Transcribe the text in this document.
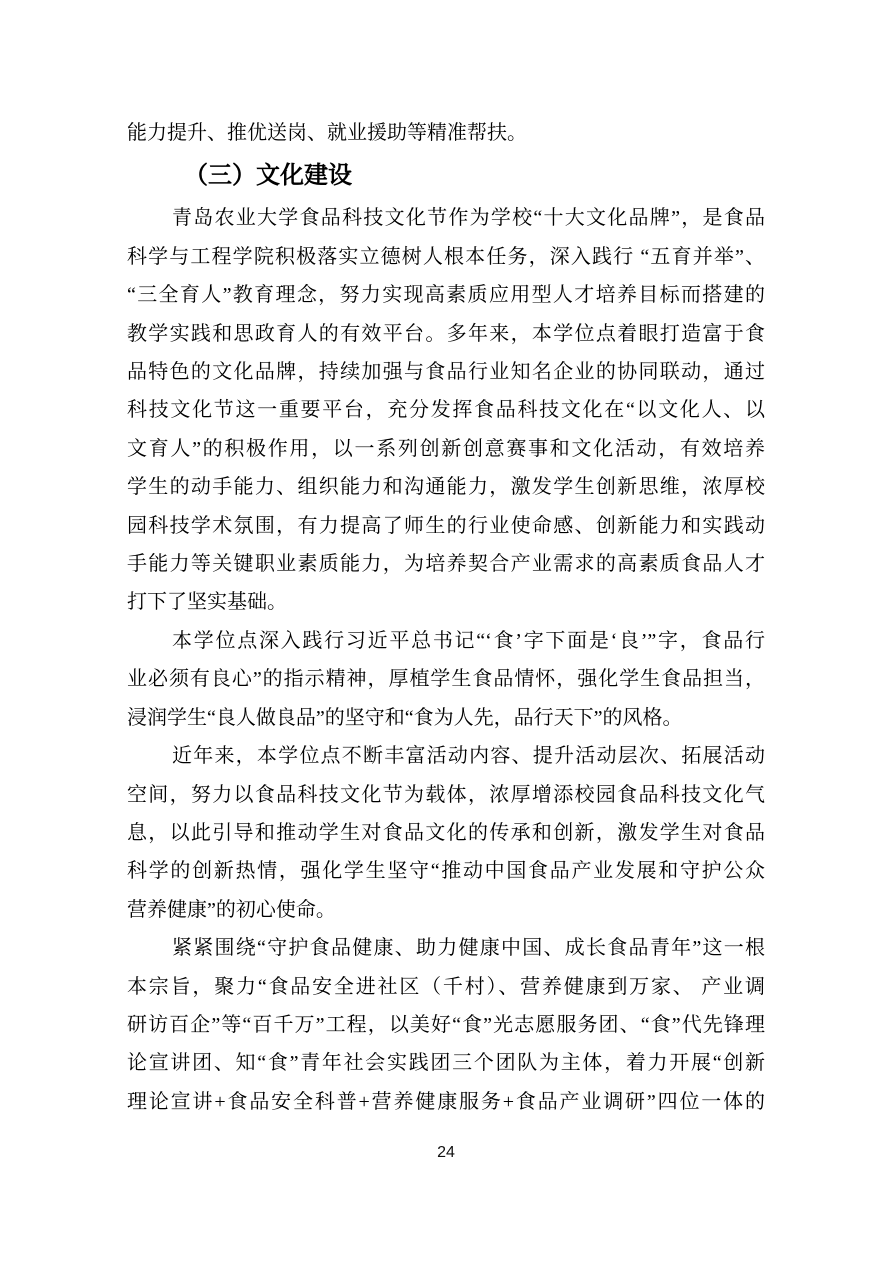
能力提升、推优送岗、就业援助等精准帮扶。
（三）文化建设
青岛农业大学食品科技文化节作为学校“十大文化品牌”，是食品
科学与工程学院积极落实立德树人根本任务，深入践行 “五育并举”、
“三全育人”教育理念，努力实现高素质应用型人才培养目标而搭建的
教学实践和思政育人的有效平台。多年来，本学位点着眼打造富于食
品特色的文化品牌，持续加强与食品行业知名企业的协同联动，通过
科技文化节这一重要平台，充分发挥食品科技文化在“以文化人、以
文育人”的积极作用，以一系列创新创意赛事和文化活动，有效培养
学生的动手能力、组织能力和沟通能力，激发学生创新思维，浓厚校
园科技学术氛围，有力提高了师生的行业使命感、创新能力和实践动
手能力等关键职业素质能力，为培养契合产业需求的高素质食品人才
打下了坚实基础。
本学位点深入践行习近平总书记“‘食’字下面是‘良’”字，食品行
业必须有良心”的指示精神，厚植学生食品情怀，强化学生食品担当，
浸润学生“良人做良品”的坚守和“食为人先，品行天下”的风格。
近年来，本学位点不断丰富活动内容、提升活动层次、拓展活动
空间，努力以食品科技文化节为载体，浓厚增添校园食品科技文化气
息，以此引导和推动学生对食品文化的传承和创新，激发学生对食品
科学的创新热情，强化学生坚守“推动中国食品产业发展和守护公众
营养健康”的初心使命。
紧紧围绕“守护食品健康、助力健康中国、成长食品青年”这一根
本宗旨，聚力“食品安全进社区（千村）、营养健康到万家、 产业调
研访百企”等“百千万”工程，以美好“食”光志愿服务团、“食”代先锋理
论宣讲团、知“食”青年社会实践团三个团队为主体，着力开展“创新
理论宣讲+食品安全科普+营养健康服务+食品产业调研”四位一体的
24
